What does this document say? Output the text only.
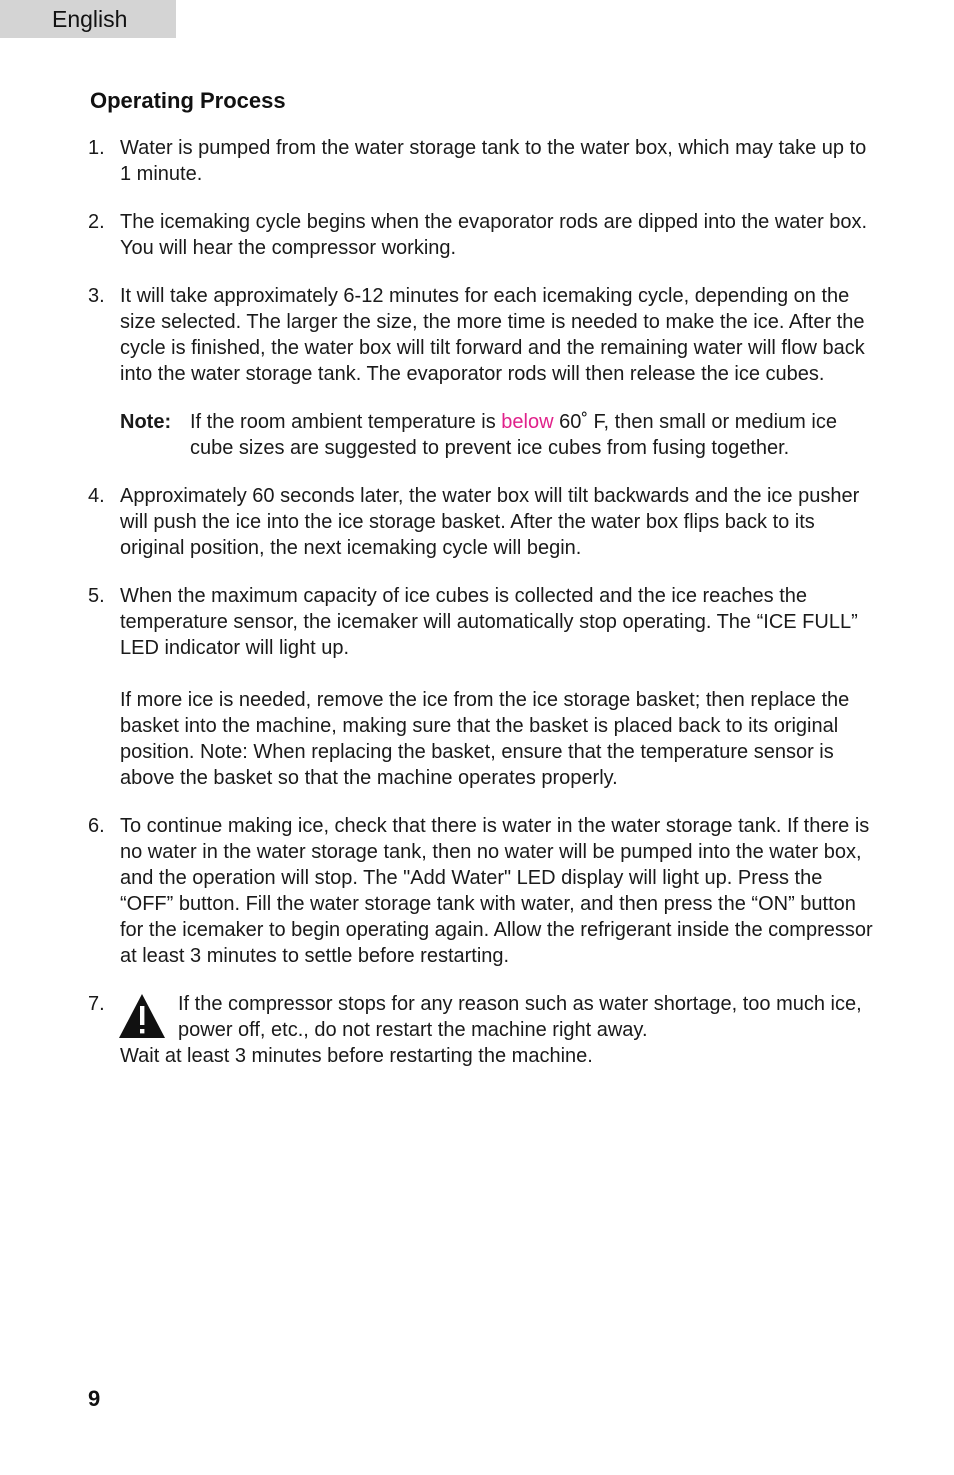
English
Operating Process
1. Water is pumped from the water storage tank to the water box, which may take up to 1 minute.

2. The icemaking cycle begins when the evaporator rods are dipped into the water box. You will hear the compressor working.

3. It will take approximately 6-12 minutes for each icemaking cycle, depending on the size selected. The larger the size, the more time is needed to make the ice. After the cycle is finished, the water box will tilt forward and the remaining water will flow back into the water storage tank. The evaporator rods will then release the ice cubes.

Note: If the room ambient temperature is below 60˚ F, then small or medium ice cube sizes are suggested to prevent ice cubes from fusing together.
4. Approximately 60 seconds later, the water box will tilt backwards and the ice pusher will push the ice into the ice storage basket. After the water box flips back to its original position, the next icemaking cycle will begin.

5. When the maximum capacity of ice cubes is collected and the ice reaches the temperature sensor, the icemaker will automatically stop operating. The “ICE FULL” LED indicator will light up.

If more ice is needed, remove the ice from the ice storage basket; then replace the basket into the machine, making sure that the basket is placed back to its original position. Note: When replacing the basket, ensure that the temperature sensor is above the basket so that the machine operates properly.

6. To continue making ice, check that there is water in the water storage tank. If there is no water in the water storage tank, then no water will be pumped into the water box, and the operation will stop. The "Add Water" LED display will light up. Press the “OFF” button. Fill the water storage tank with water, and then press the “ON” button for the icemaker to begin operating again. Allow the refrigerant inside the compressor at least 3 minutes to settle before restarting.

7.	If the compressor stops for any reason such as water shortage, too much ice, power off, etc., do not restart the machine right away.

Wait at least 3 minutes before restarting the machine.

9
